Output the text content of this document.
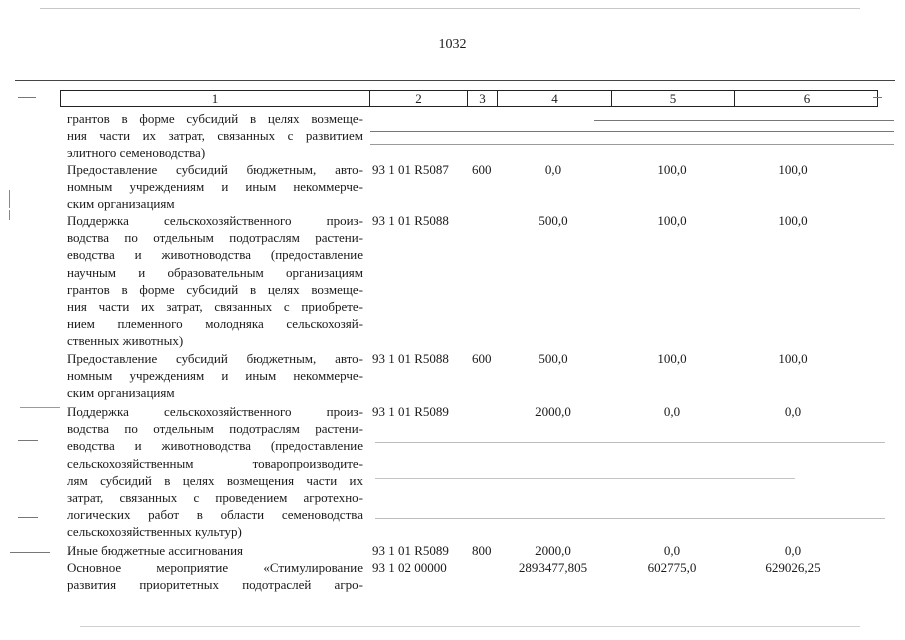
1032
1	2	3	4	5	6
грантов в форме субсидий в целях возмеще-
ния части их затрат, связанных с развитием
элитного семеноводства)
Предоставление субсидий бюджетным, авто-
номным учреждениям и иным некоммерче-
ским организациям
93 1 01 R5087 600	0,0	100,0	100,0
Поддержка сельскохозяйственного произ-
водства по отдельным подотраслям растени-
еводства и животноводства (предоставление
научным и образовательным организациям
грантов в форме субсидий в целях возмеще-
ния части их затрат, связанных с приобрете-
нием племенного молодняка сельскохозяй-
ственных животных)
93 1 01 R5088	500,0	100,0	100,0
Предоставление субсидий бюджетным, авто-
номным учреждениям и иным некоммерче-
ским организациям
93 1 01 R5088 600	500,0	100,0	100,0
Поддержка сельскохозяйственного произ-
водства по отдельным подотраслям растени-
еводства и животноводства (предоставление
сельскохозяйственным товаропроизводите-
лям субсидий в целях возмещения части их
затрат, связанных с проведением агротехно-
логических работ в области семеноводства
сельскохозяйственных культур)
93 1 01 R5089	2000,0	0,0	0,0
Иные бюджетные ассигнования	93 1 01 R5089 800	2000,0	0,0	0,0
Основное мероприятие «Стимулирование
развития приоритетных подотраслей агро-
93 1 02 00000	2893477,805	602775,0	629026,25
